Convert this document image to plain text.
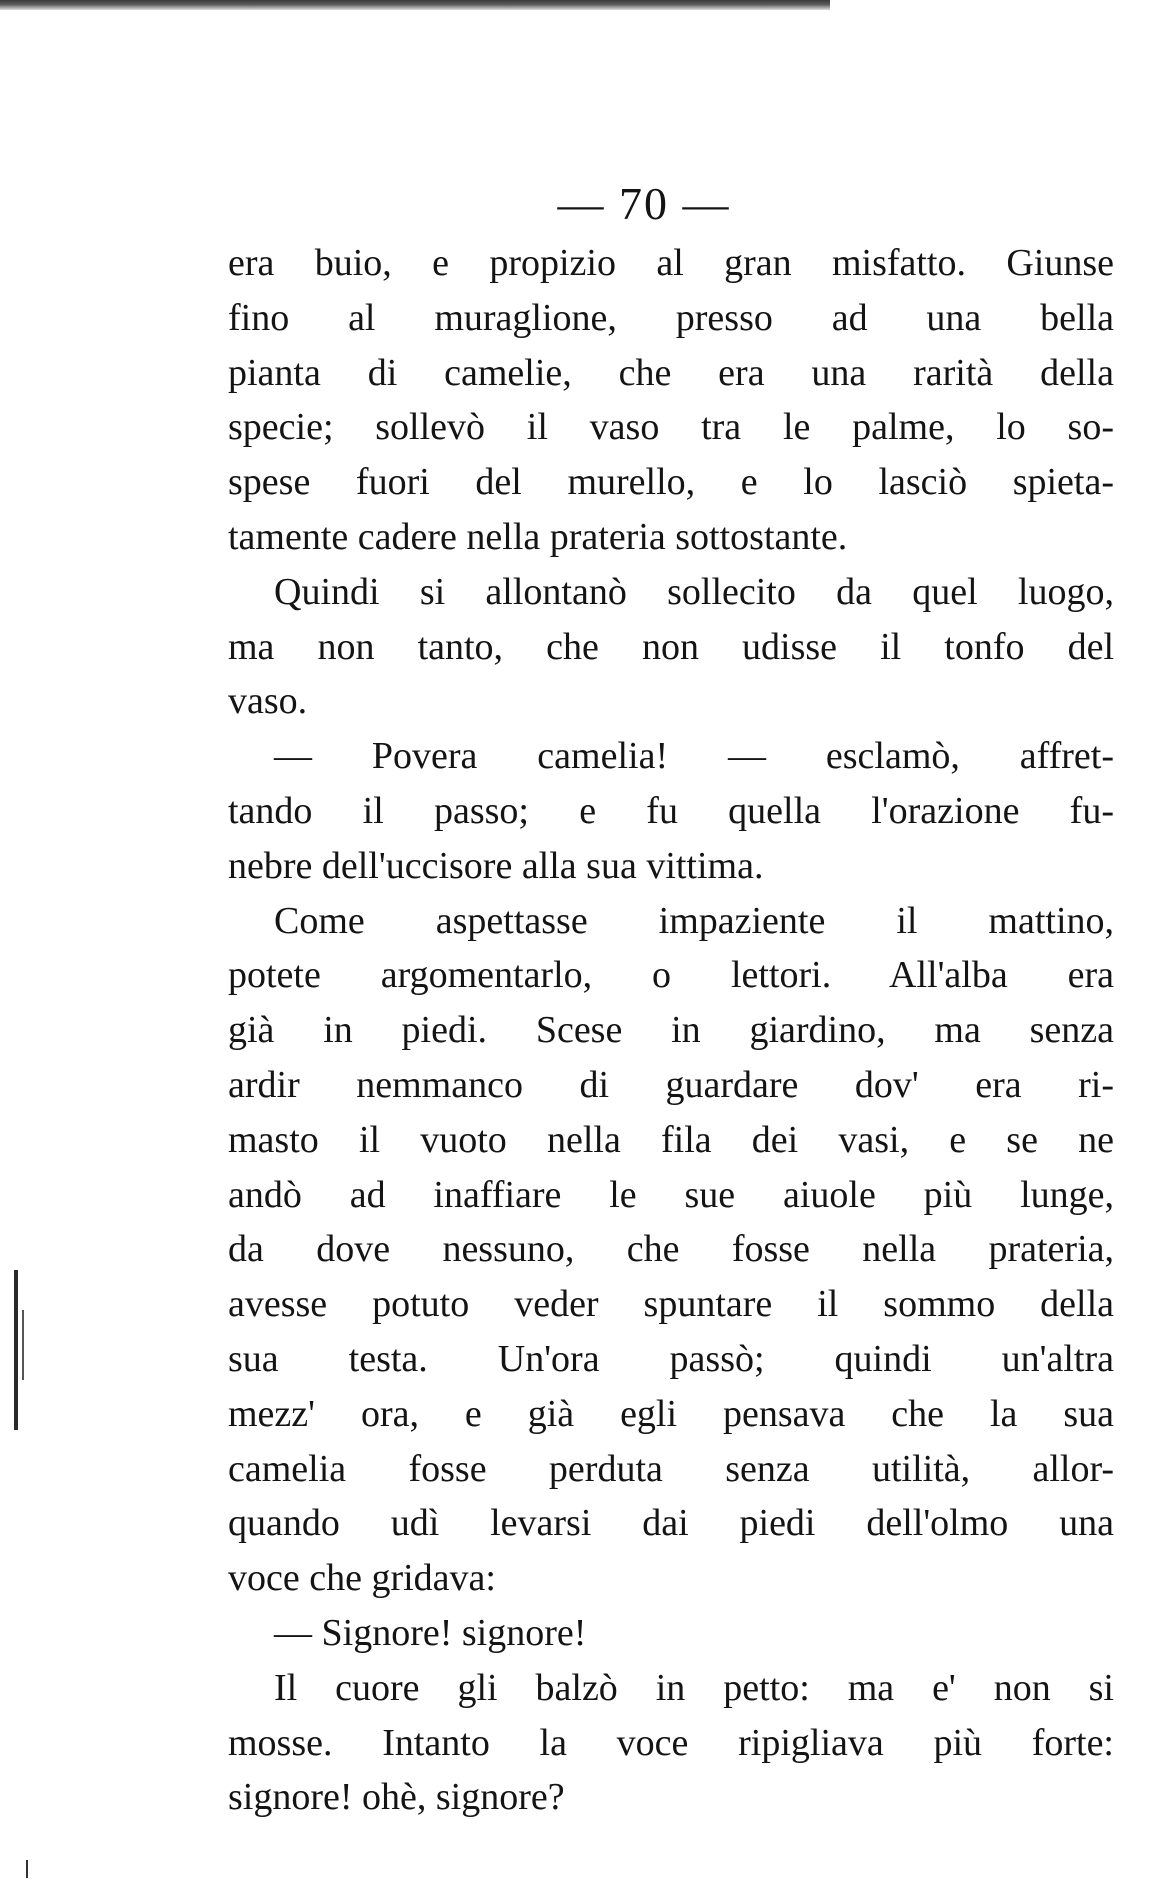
— 70 —
era buio, e propizio al gran misfatto. Giunse
fino al muraglione, presso ad una bella
pianta di camelie, che era una rarità della
specie; sollevò il vaso tra le palme, lo so-
spese fuori del murello, e lo lasciò spieta-
tamente cadere nella prateria sottostante.
Quindi si allontanò sollecito da quel luogo,
ma non tanto, che non udisse il tonfo del
vaso.
— Povera camelia! — esclamò, affret-
tando il passo; e fu quella l'orazione fu-
nebre dell'uccisore alla sua vittima.
Come aspettasse impaziente il mattino,
potete argomentarlo, o lettori. All'alba era
già in piedi. Scese in giardino, ma senza
ardir nemmanco di guardare dov' era ri-
masto il vuoto nella fila dei vasi, e se ne
andò ad inaffiare le sue aiuole più lunge,
da dove nessuno, che fosse nella prateria,
avesse potuto veder spuntare il sommo della
sua testa. Un'ora passò; quindi un'altra
mezz' ora, e già egli pensava che la sua
camelia fosse perduta senza utilità, allor-
quando udì levarsi dai piedi dell'olmo una
voce che gridava:
— Signore! signore!
Il cuore gli balzò in petto: ma e' non si
mosse. Intanto la voce ripigliava più forte:
signore! ohè, signore?
